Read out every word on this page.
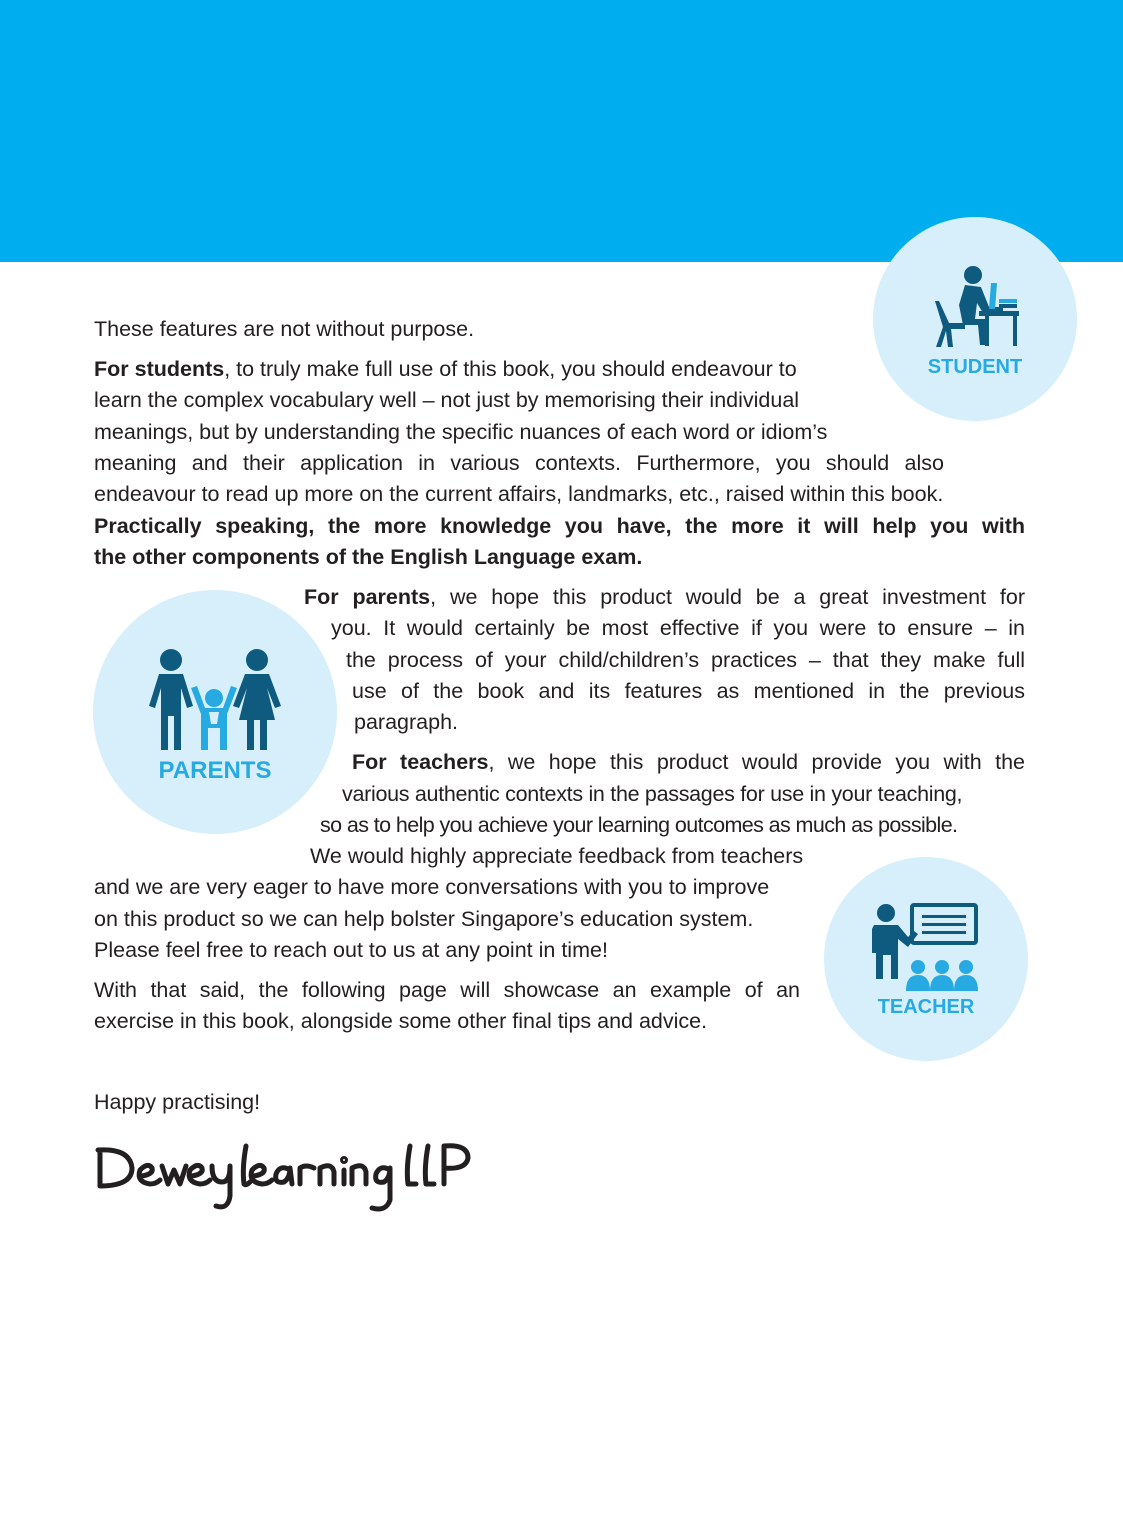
STUDENT
PARENTS
TEACHER
These features are not without purpose.
For students, to truly make full use of this book, you should endeavour to
learn the complex vocabulary well – not just by memorising their individual
meanings, but by understanding the specific nuances of each word or idiom’s
meaning and their application in various contexts. Furthermore, you should also
endeavour to read up more on the current affairs, landmarks, etc., raised within this book.
Practically speaking, the more knowledge you have, the more it will help you with
the other components of the English Language exam.
For parents, we hope this product would be a great investment for
you. It would certainly be most effective if you were to ensure – in
the process of your child/children’s practices – that they make full
use of the book and its features as mentioned in the previous
paragraph.
For teachers, we hope this product would provide you with the
various authentic contexts in the passages for use in your teaching,
so as to help you achieve your learning outcomes as much as possible.
We would highly appreciate feedback from teachers
and we are very eager to have more conversations with you to improve
on this product so we can help bolster Singapore’s education system.
Please feel free to reach out to us at any point in time!
With that said, the following page will showcase an example of an
exercise in this book, alongside some other final tips and advice.
Happy practising!
